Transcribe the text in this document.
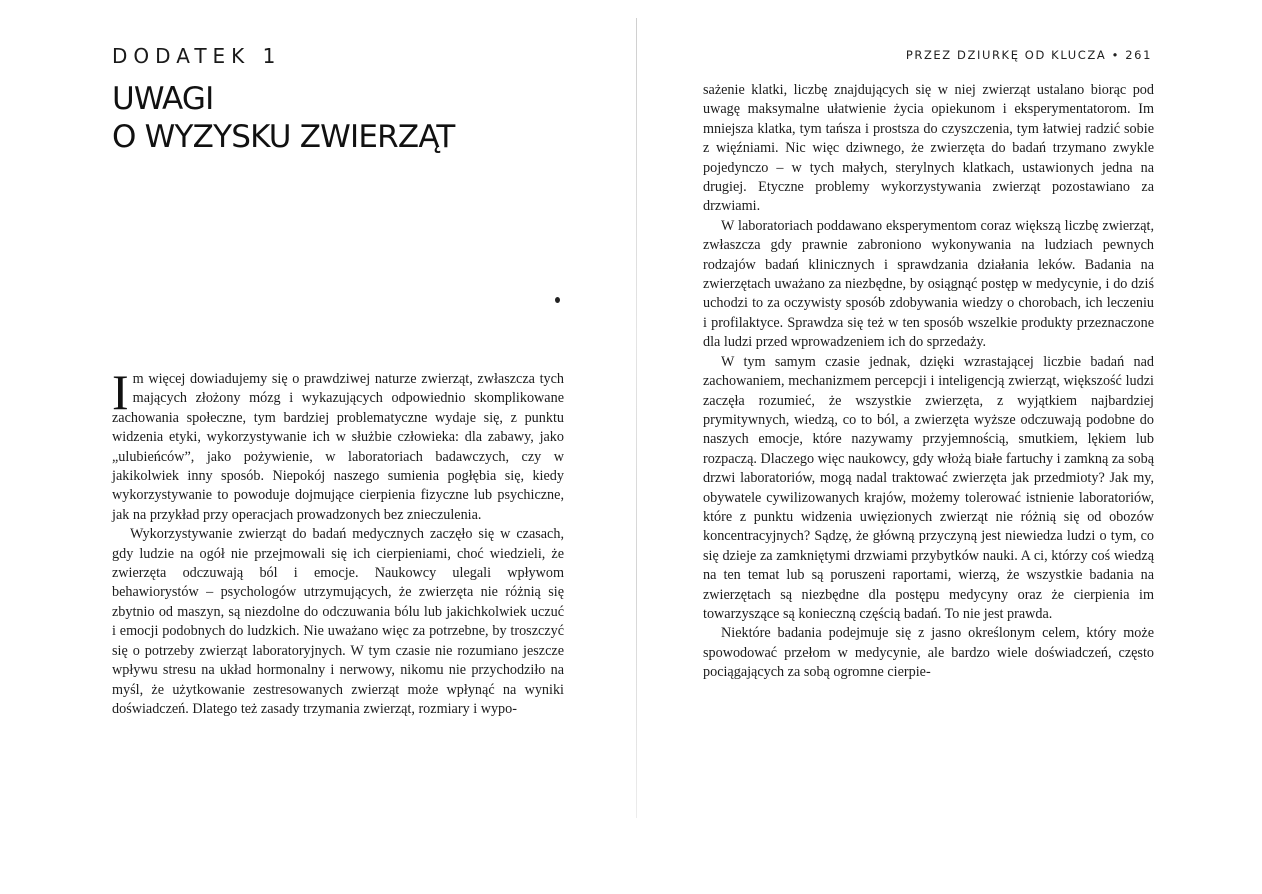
DODATEK 1
UWAGI
O WYZYSKU ZWIERZĄT

Im więcej dowiadujemy się o prawdziwej naturze zwierząt, zwłaszcza tych mających złożony mózg i wykazujących odpowiednio skomplikowane zachowania społeczne, tym bardziej problematyczne wydaje się, z punktu widzenia etyki, wykorzystywanie ich w służbie człowieka: dla zabawy, jako „ulubieńców”, jako pożywienie, w laboratoriach badawczych, czy w jakikolwiek inny sposób. Niepokój naszego sumienia pogłębia się, kiedy wykorzystywanie to powoduje dojmujące cierpienia fizyczne lub psychiczne, jak na przykład przy operacjach prowadzonych bez znieczulenia.

Wykorzystywanie zwierząt do badań medycznych zaczęło się w czasach, gdy ludzie na ogół nie przejmowali się ich cierpieniami, choć wiedzieli, że zwierzęta odczuwają ból i emocje. Naukowcy ulegali wpływom behawiorystów – psychologów utrzymujących, że zwierzęta nie różnią się zbytnio od maszyn, są niezdolne do odczuwania bólu lub jakichkolwiek uczuć i emocji podobnych do ludzkich. Nie uważano więc za potrzebne, by troszczyć się o potrzeby zwierząt laboratoryjnych. W tym czasie nie rozumiano jeszcze wpływu stresu na układ hormonalny i nerwowy, nikomu nie przychodziło na myśl, że użytkowanie zestresowanych zwierząt może wpłynąć na wyniki doświadczeń. Dlatego też zasady trzymania zwierząt, rozmiary i wypo-

PRZEZ DZIURKĘ OD KLUCZA • 261

sażenie klatki, liczbę znajdujących się w niej zwierząt ustalano biorąc pod uwagę maksymalne ułatwienie życia opiekunom i eksperymentatorom. Im mniejsza klatka, tym tańsza i prostsza do czyszczenia, tym łatwiej radzić sobie z więźniami. Nic więc dziwnego, że zwierzęta do badań trzymano zwykle pojedynczo – w tych małych, sterylnych klatkach, ustawionych jedna na drugiej. Etyczne problemy wykorzystywania zwierząt pozostawiano za drzwiami.

W laboratoriach poddawano eksperymentom coraz większą liczbę zwierząt, zwłaszcza gdy prawnie zabroniono wykonywania na ludziach pewnych rodzajów badań klinicznych i sprawdzania działania leków. Badania na zwierzętach uważano za niezbędne, by osiągnąć postęp w medycynie, i do dziś uchodzi to za oczywisty sposób zdobywania wiedzy o chorobach, ich leczeniu i profilaktyce. Sprawdza się też w ten sposób wszelkie produkty przeznaczone dla ludzi przed wprowadzeniem ich do sprzedaży.

W tym samym czasie jednak, dzięki wzrastającej liczbie badań nad zachowaniem, mechanizmem percepcji i inteligencją zwierząt, większość ludzi zaczęła rozumieć, że wszystkie zwierzęta, z wyjątkiem najbardziej prymitywnych, wiedzą, co to ból, a zwierzęta wyższe odczuwają podobne do naszych emocje, które nazywamy przyjemnością, smutkiem, lękiem lub rozpaczą. Dlaczego więc naukowcy, gdy włożą białe fartuchy i zamkną za sobą drzwi laboratoriów, mogą nadal traktować zwierzęta jak przedmioty? Jak my, obywatele cywilizowanych krajów, możemy tolerować istnienie laboratoriów, które z punktu widzenia uwięzionych zwierząt nie różnią się od obozów koncentracyjnych? Sądzę, że główną przyczyną jest niewiedza ludzi o tym, co się dzieje za zamkniętymi drzwiami przybytków nauki. A ci, którzy coś wiedzą na ten temat lub są poruszeni raportami, wierzą, że wszystkie badania na zwierzętach są niezbędne dla postępu medycyny oraz że cierpienia im towarzyszące są konieczną częścią badań. To nie jest prawda.

Niektóre badania podejmuje się z jasno określonym celem, który może spowodować przełom w medycynie, ale bardzo wiele doświadczeń, często pociągających za sobą ogromne cierpie-
